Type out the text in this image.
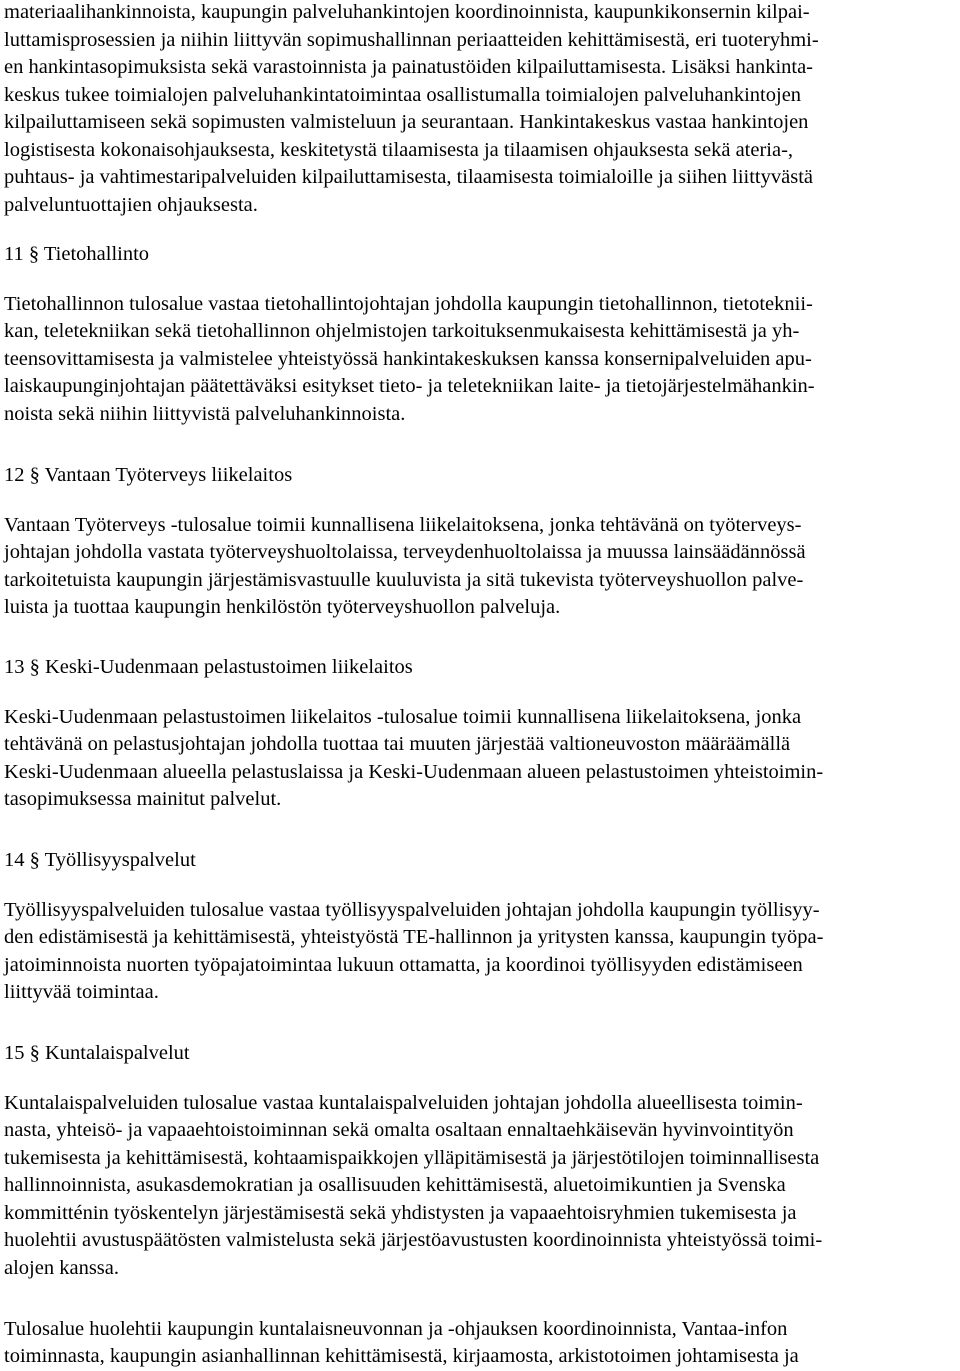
materiaalihankinnoista, kaupungin palveluhankintojen koordinoinnista, kaupunkikonsernin kilpai-

luttamisprosessien ja niihin liittyvän sopimushallinnan periaatteiden kehittämisestä, eri tuoteryhmi-

en hankintasopimuksista sekä varastoinnista ja painatustöiden kilpailuttamisesta. Lisäksi hankinta-

keskus tukee toimialojen palveluhankintatoimintaa osallistumalla toimialojen palveluhankintojen

kilpailuttamiseen sekä sopimusten valmisteluun ja seurantaan. Hankintakeskus vastaa hankintojen

logistisesta kokonaisohjauksesta, keskitetystä tilaamisesta ja tilaamisen ohjauksesta sekä ateria-,

puhtaus- ja vahtimestaripalveluiden kilpailuttamisesta, tilaamisesta toimialoille ja siihen liittyvästä

palveluntuottajien ohjauksesta.

11 § Tietohallinto

Tietohallinnon tulosalue vastaa tietohallintojohtajan johdolla kaupungin tietohallinnon, tietoteknii-

kan, teletekniikan sekä tietohallinnon ohjelmistojen tarkoituksenmukaisesta kehittämisestä ja yh-

teensovittamisesta ja valmistelee yhteistyössä hankintakeskuksen kanssa konsernipalveluiden apu-

laiskaupunginjohtajan päätettäväksi esitykset tieto- ja teletekniikan laite- ja tietojärjestelmähankin-

noista sekä niihin liittyvistä palveluhankinnoista.

12 § Vantaan Työterveys liikelaitos

Vantaan Työterveys -tulosalue toimii kunnallisena liikelaitoksena, jonka tehtävänä on työterveys-

johtajan johdolla vastata työterveyshuoltolaissa, terveydenhuoltolaissa ja muussa lainsäädännössä

tarkoitetuista kaupungin järjestämisvastuulle kuuluvista ja sitä tukevista työterveyshuollon palve-

luista ja tuottaa kaupungin henkilöstön työterveyshuollon palveluja.

13 § Keski-Uudenmaan pelastustoimen liikelaitos

Keski-Uudenmaan pelastustoimen liikelaitos -tulosalue toimii kunnallisena liikelaitoksena, jonka

tehtävänä on pelastusjohtajan johdolla tuottaa tai muuten järjestää valtioneuvoston määräämällä

Keski-Uudenmaan alueella pelastuslaissa ja Keski-Uudenmaan alueen pelastustoimen yhteistoimin-

tasopimuksessa mainitut palvelut.

14 § Työllisyyspalvelut

Työllisyyspalveluiden tulosalue vastaa työllisyyspalveluiden johtajan johdolla kaupungin työllisyy-

den edistämisestä ja kehittämisestä, yhteistyöstä TE-hallinnon ja yritysten kanssa, kaupungin työpa-

jatoiminnoista nuorten työpajatoimintaa lukuun ottamatta, ja koordinoi työllisyyden edistämiseen

liittyvää toimintaa.

15 § Kuntalaispalvelut

Kuntalaispalveluiden tulosalue vastaa kuntalaispalveluiden johtajan johdolla alueellisesta toimin-

nasta, yhteisö- ja vapaaehtoistoiminnan sekä omalta osaltaan ennaltaehkäisevän hyvinvointityön

tukemisesta ja kehittämisestä, kohtaamispaikkojen ylläpitämisestä ja järjestötilojen toiminnallisesta

hallinnoinnista, asukasdemokratian ja osallisuuden kehittämisestä, aluetoimikuntien ja Svenska

kommitténin työskentelyn järjestämisestä sekä yhdistysten ja vapaaehtoisryhmien tukemisesta ja

huolehtii avustuspäätösten valmistelusta sekä järjestöavustusten koordinoinnista yhteistyössä toimi-

alojen kanssa.

Tulosalue huolehtii kaupungin kuntalaisneuvonnan ja -ohjauksen koordinoinnista, Vantaa-infon

toiminnasta, kaupungin asianhallinnan kehittämisestä, kirjaamosta, arkistotoimen johtamisesta ja
